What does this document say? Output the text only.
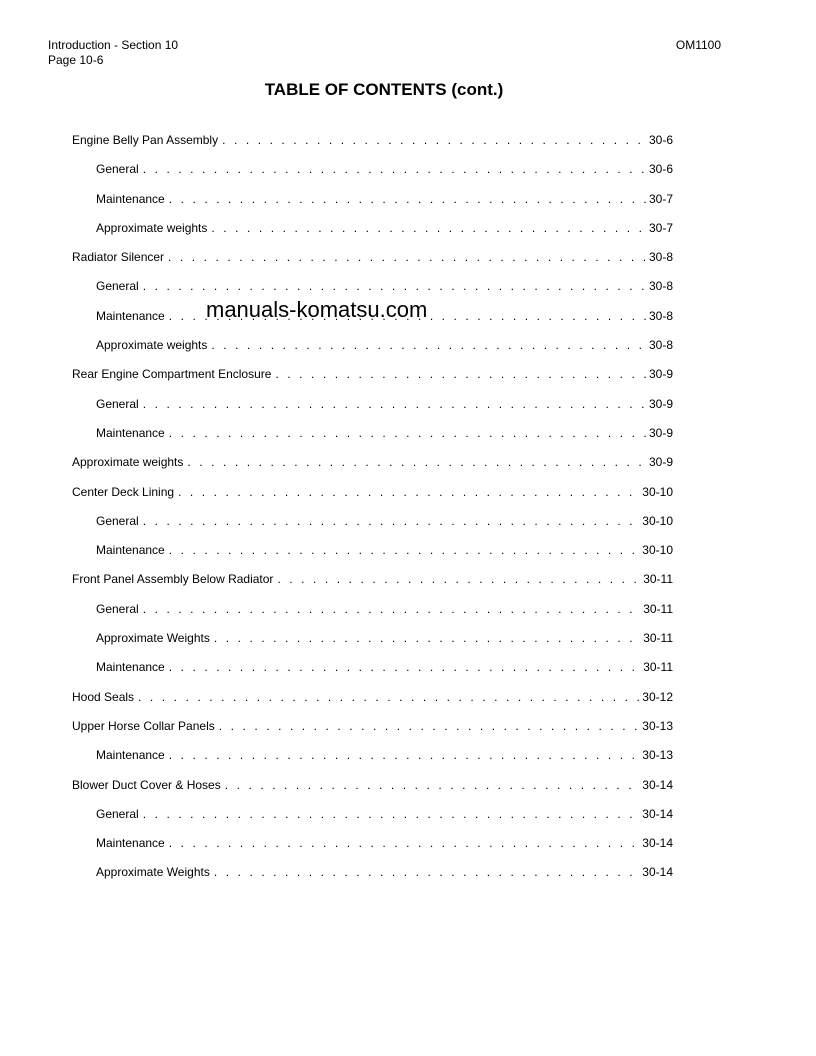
Introduction - Section 10
Page 10-6
OM1100
TABLE OF CONTENTS (cont.)
Engine Belly Pan Assembly . . .	30-6
General . . .	30-6
Maintenance . . .	30-7
Approximate weights . . .	30-7
Radiator Silencer . . .	30-8
General . . .	30-8
Maintenance . . .	30-8
Approximate weights . . .	30-8
Rear Engine Compartment Enclosure . . .	30-9
General . . .	30-9
Maintenance . . .	30-9
Approximate weights . . .	30-9
Center Deck Lining . . .	30-10
General . . .	30-10
Maintenance . . .	30-10
Front Panel Assembly Below Radiator . . .	30-11
General . . .	30-11
Approximate Weights . . .	30-11
Maintenance . . .	30-11
Hood Seals . . .	30-12
Upper Horse Collar Panels . . .	30-13
Maintenance . . .	30-13
Blower Duct Cover & Hoses . . .	30-14
General . . .	30-14
Maintenance . . .	30-14
Approximate Weights . . .	30-14
manuals-komatsu.com
